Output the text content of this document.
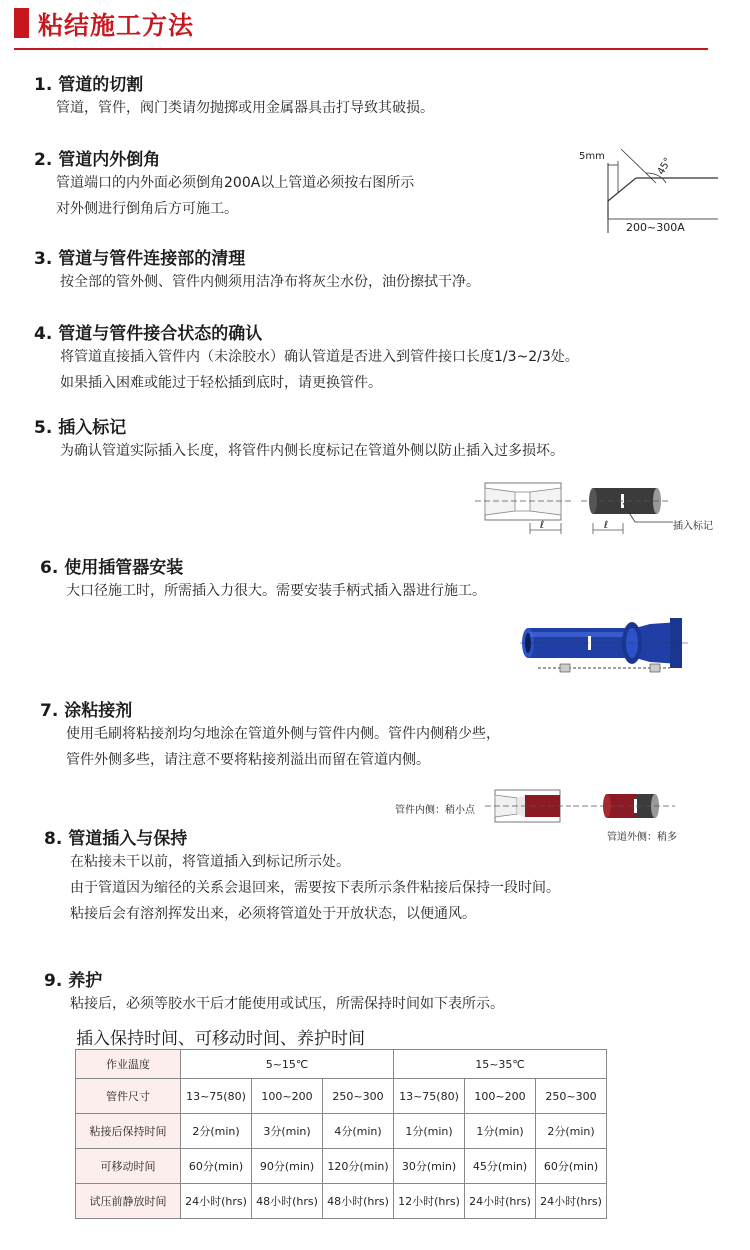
粘结施工方法
1. 管道的切割

管道，管件，阀门类请勿抛掷或用金属器具击打导致其破损。

2. 管道内外倒角

管道端口的内外面必须倒角200A以上管道必须按右图所示

对外侧进行倒角后方可施工。

5mm	45°
200~300A
3. 管道与管件连接部的清理

按全部的管外侧、管件内侧须用洁净布将灰尘水份，油份擦拭干净。

4. 管道与管件接合状态的确认

将管道直接插入管件内（未涂胶水）确认管道是否进入到管件接口长度1/3~2/3处。

如果插入困难或能过于轻松插到底时，请更换管件。

5. 插入标记

为确认管道实际插入长度，将管件内侧长度标记在管道外侧以防止插入过多损坏。

ℓ	ℓ	插入标记
6. 使用插管器安装

大口径施工时，所需插入力很大。需要安装手柄式插入器进行施工。

7. 涂粘接剂

使用毛刷将粘接剂均匀地涂在管道外侧与管件内侧。管件内侧稍少些，

管件外侧多些，请注意不要将粘接剂溢出而留在管道内侧。

管件内侧：稍小点
管道外侧：稍多
8. 管道插入与保持

在粘接未干以前，将管道插入到标记所示处。

由于管道因为缩径的关系会退回来，需要按下表所示条件粘接后保持一段时间。

粘接后会有溶剂挥发出来，必须将管道处于开放状态，以便通风。

9. 养护

粘接后，必须等胶水干后才能使用或试压，所需保持时间如下表所示。

插入保持时间、可移动时间、养护时间
作业温度	5~15℃			15~35℃		
管件尺寸	13~75(80)	100~200	250~300	13~75(80)	100~200	250~300
粘接后保持时间	2分(min)	3分(min)	4分(min)	1分(min)	1分(min)	2分(min)
可移动时间	60分(min)	90分(min)	120分(min)	30分(min)	45分(min)	60分(min)
试压前静放时间	24小时(hrs)	48小时(hrs)	48小时(hrs)	12小时(hrs)	24小时(hrs)	24小时(hrs)
